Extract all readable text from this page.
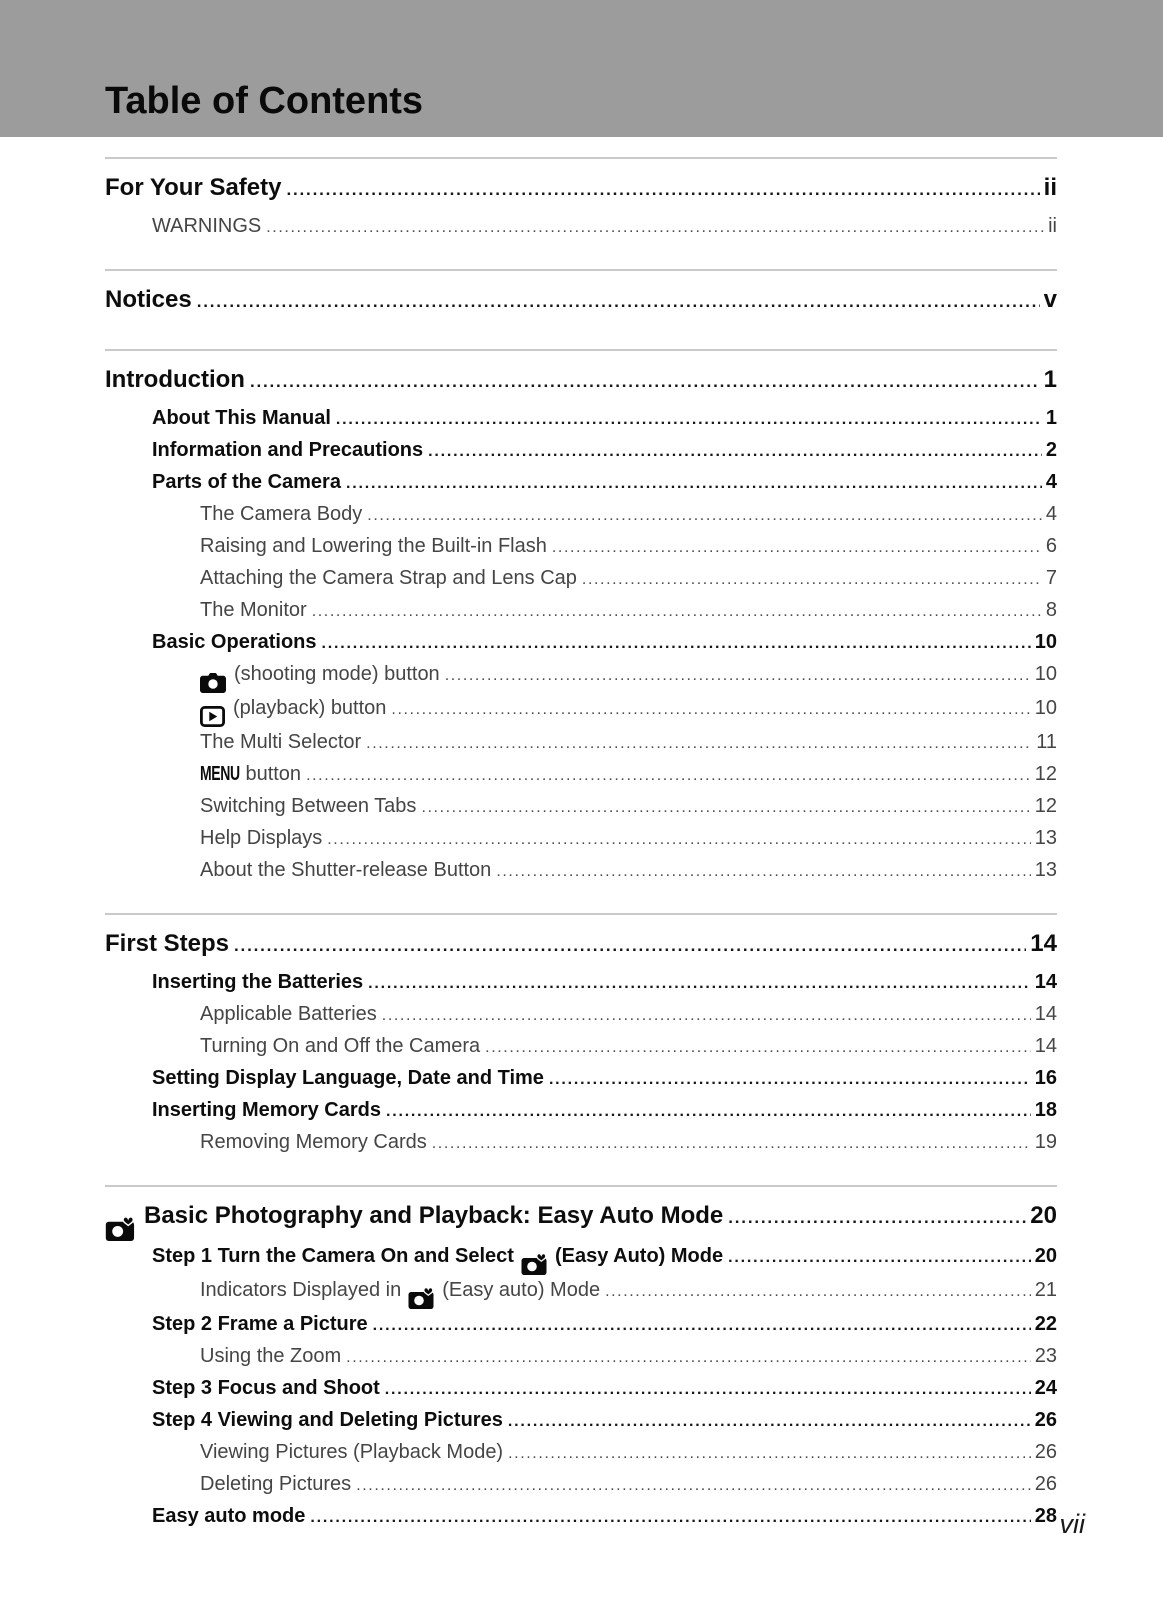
Table of Contents
For Your Safety .....	ii
WARNINGS .....	ii
Notices .....	v
Introduction .....	1
About This Manual .....	1
Information and Precautions .....	2
Parts of the Camera .....	4
The Camera Body .....	4
Raising and Lowering the Built-in Flash .....	6
Attaching the Camera Strap and Lens Cap .....	7
The Monitor .....	8
Basic Operations .....	10
(shooting mode) button .....	10
(playback) button .....	10
The Multi Selector .....	11
MENU button .....	12
Switching Between Tabs .....	12
Help Displays .....	13
About the Shutter-release Button .....	13
First Steps .....	14
Inserting the Batteries .....	14
Applicable Batteries .....	14
Turning On and Off the Camera .....	14
Setting Display Language, Date and Time .....	16
Inserting Memory Cards .....	18
Removing Memory Cards .....	19
Basic Photography and Playback: Easy Auto Mode .....	20
Step 1 Turn the Camera On and Select (Easy Auto) Mode .....	20
Indicators Displayed in (Easy auto) Mode .....	21
Step 2 Frame a Picture .....	22
Using the Zoom .....	23
Step 3 Focus and Shoot .....	24
Step 4 Viewing and Deleting Pictures .....	26
Viewing Pictures (Playback Mode) .....	26
Deleting Pictures .....	26
Easy auto mode .....	28 vii
